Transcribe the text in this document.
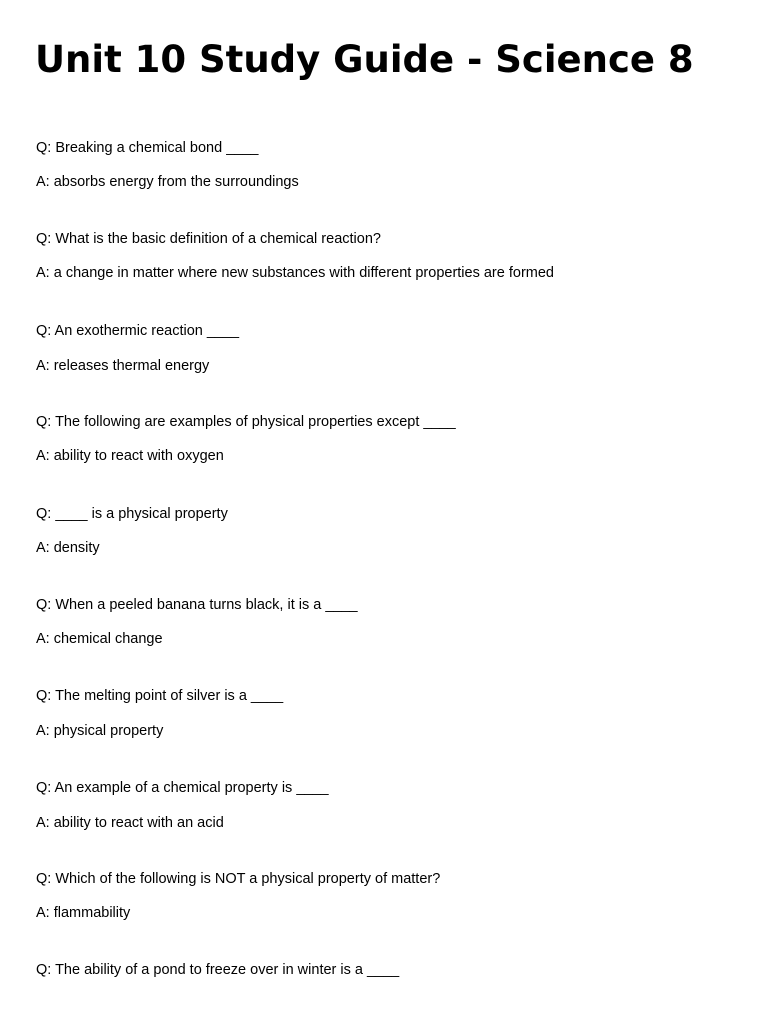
Unit 10 Study Guide - Science 8

Q: Breaking a chemical bond ____

A: absorbs energy from the surroundings

Q: What is the basic definition of a chemical reaction?

A: a change in matter where new substances with different properties are formed

Q: An exothermic reaction ____

A: releases thermal energy

Q: The following are examples of physical properties except ____

A: ability to react with oxygen

Q: ____ is a physical property

A: density

Q: When a peeled banana turns black, it is a ____

A: chemical change

Q: The melting point of silver is a ____

A: physical property

Q: An example of a chemical property is ____

A: ability to react with an acid

Q: Which of the following is NOT a physical property of matter?

A: flammability

Q: The ability of a pond to freeze over in winter is a ____
